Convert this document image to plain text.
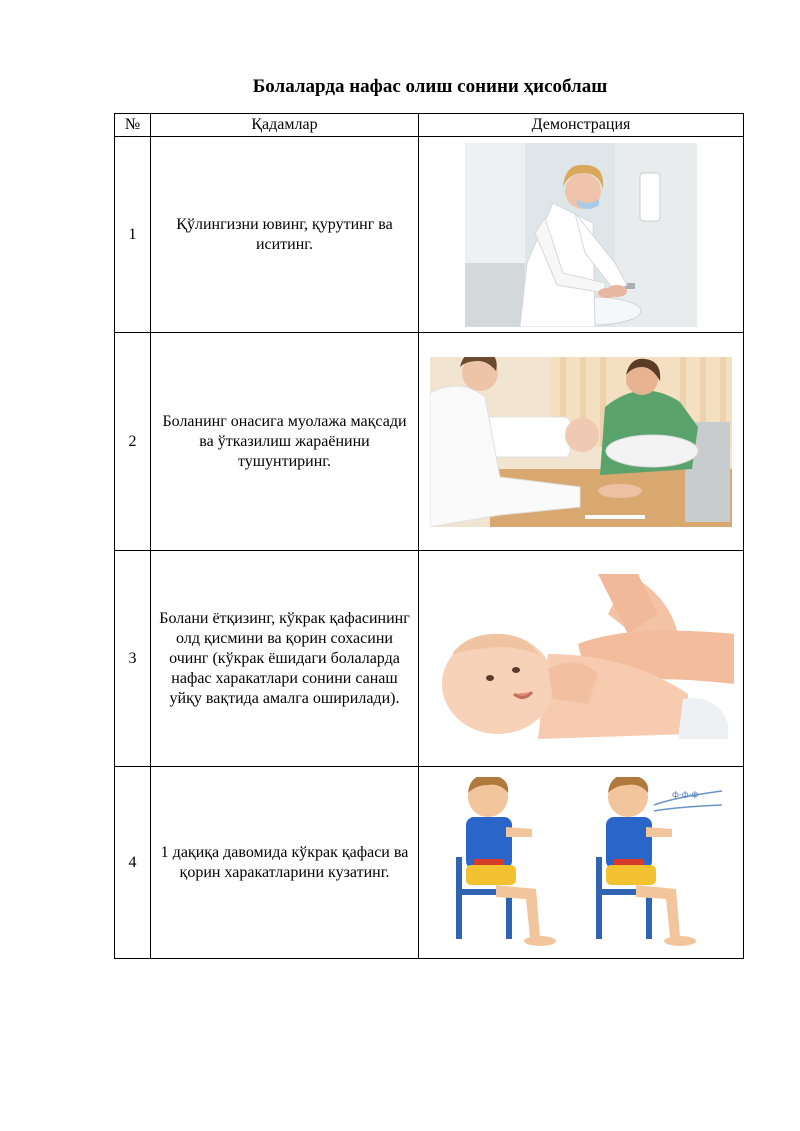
Болаларда нафас олиш сонини ҳисоблаш
№	Қадамлар	Демонстрация
1	Қўлингизни ювинг, қурутинг ва иситинг.

2	Боланинг онасига муолажа мақсади ва ўтказилиш жараёнини тушунтиринг.

3	Болани ётқизинг, кўкрак қафасининг олд қисмини ва қорин сохасини очинг (кўкрак ёшидаги болаларда нафас харакатлари сонини санаш уйқу вақтида амалга оширилади).

4	1 дақиқа давомида кўкрак қафаси ва қорин харакатларини кузатинг.	ф-ф-ф
